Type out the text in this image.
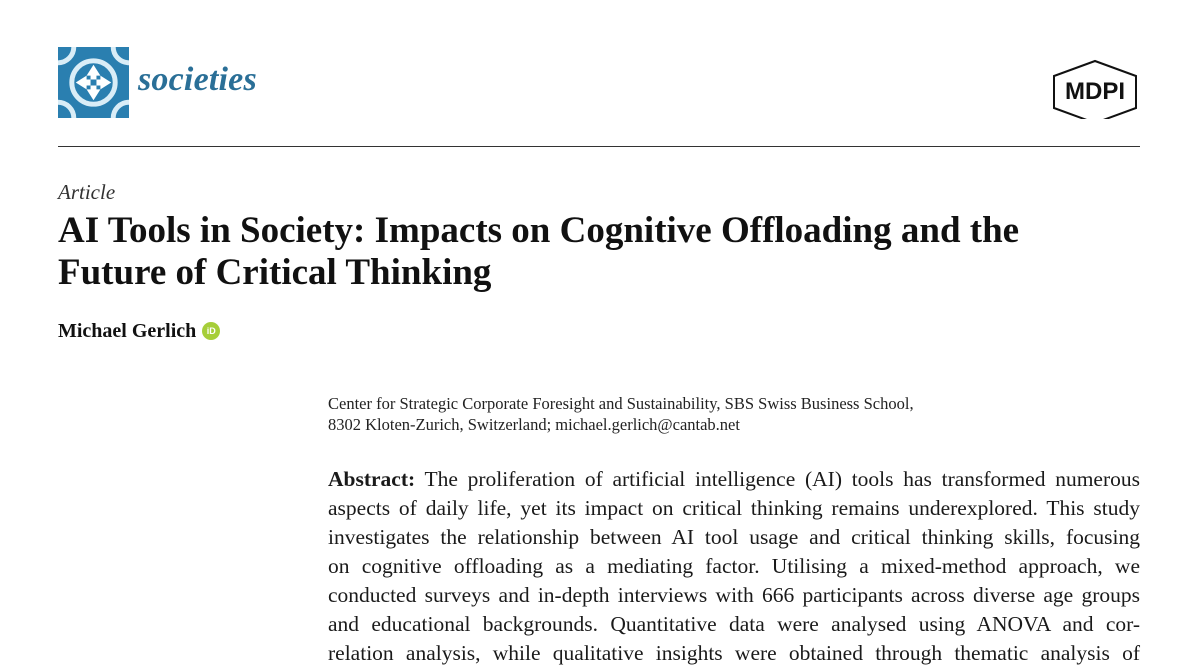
societies	MDPI
Article
AI Tools in Society: Impacts on Cognitive Offloading and the
Future of Critical Thinking
Michael Gerlich iD
Center for Strategic Corporate Foresight and Sustainability, SBS Swiss Business School,
8302 Kloten-Zurich, Switzerland; michael.gerlich@cantab.net
Abstract: The proliferation of artificial intelligence (AI) tools has transformed numerous
aspects of daily life, yet its impact on critical thinking remains underexplored. This study
investigates the relationship between AI tool usage and critical thinking skills, focusing
on cognitive offloading as a mediating factor. Utilising a mixed-method approach, we
conducted surveys and in-depth interviews with 666 participants across diverse age groups
and educational backgrounds. Quantitative data were analysed using ANOVA and cor-
relation analysis, while qualitative insights were obtained through thematic analysis of
